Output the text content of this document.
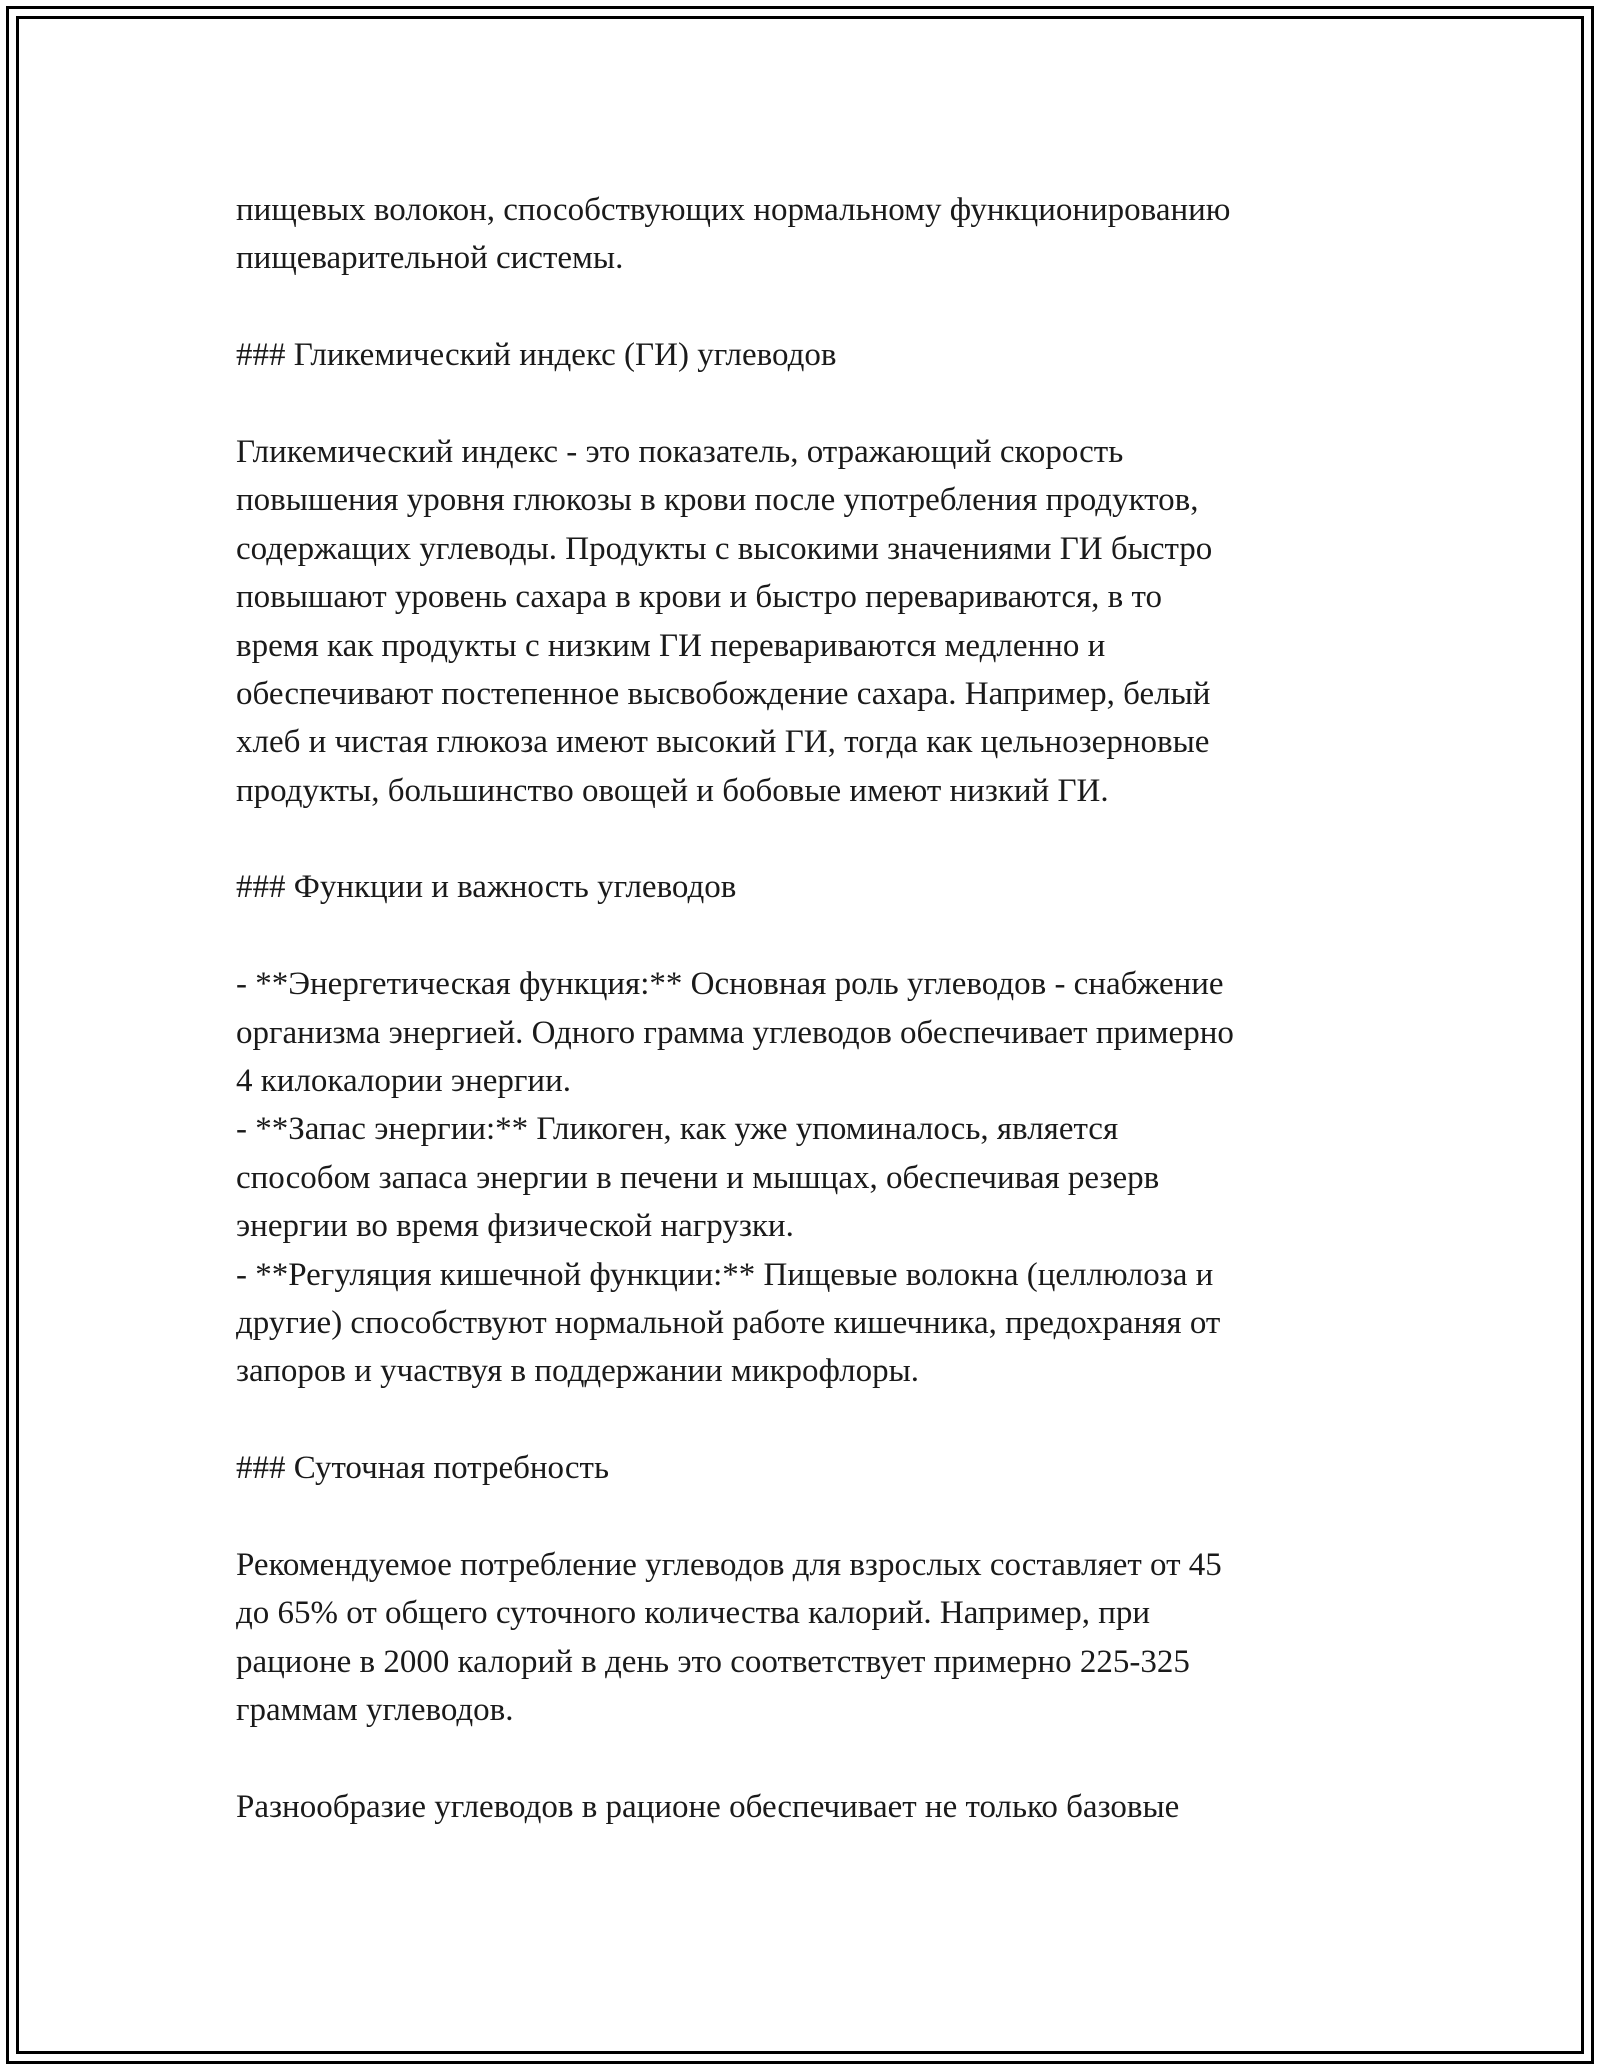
пищевых волокон, способствующих нормальному функционированию
пищеварительной системы.
### Гликемический индекс (ГИ) углеводов
Гликемический индекс - это показатель, отражающий скорость
повышения уровня глюкозы в крови после употребления продуктов,
содержащих углеводы. Продукты с высокими значениями ГИ быстро
повышают уровень сахара в крови и быстро перевариваются, в то
время как продукты с низким ГИ перевариваются медленно и
обеспечивают постепенное высвобождение сахара. Например, белый
хлеб и чистая глюкоза имеют высокий ГИ, тогда как цельнозерновые
продукты, большинство овощей и бобовые имеют низкий ГИ.
### Функции и важность углеводов
- **Энергетическая функция:** Основная роль углеводов - снабжение
организма энергией. Одного грамма углеводов обеспечивает примерно
4 килокалории энергии.
- **Запас энергии:** Гликоген, как уже упоминалось, является
способом запаса энергии в печени и мышцах, обеспечивая резерв
энергии во время физической нагрузки.
- **Регуляция кишечной функции:** Пищевые волокна (целлюлоза и
другие) способствуют нормальной работе кишечника, предохраняя от
запоров и участвуя в поддержании микрофлоры.
### Суточная потребность
Рекомендуемое потребление углеводов для взрослых составляет от 45
до 65% от общего суточного количества калорий. Например, при
рационе в 2000 калорий в день это соответствует примерно 225-325
граммам углеводов.
Разнообразие углеводов в рационе обеспечивает не только базовые
